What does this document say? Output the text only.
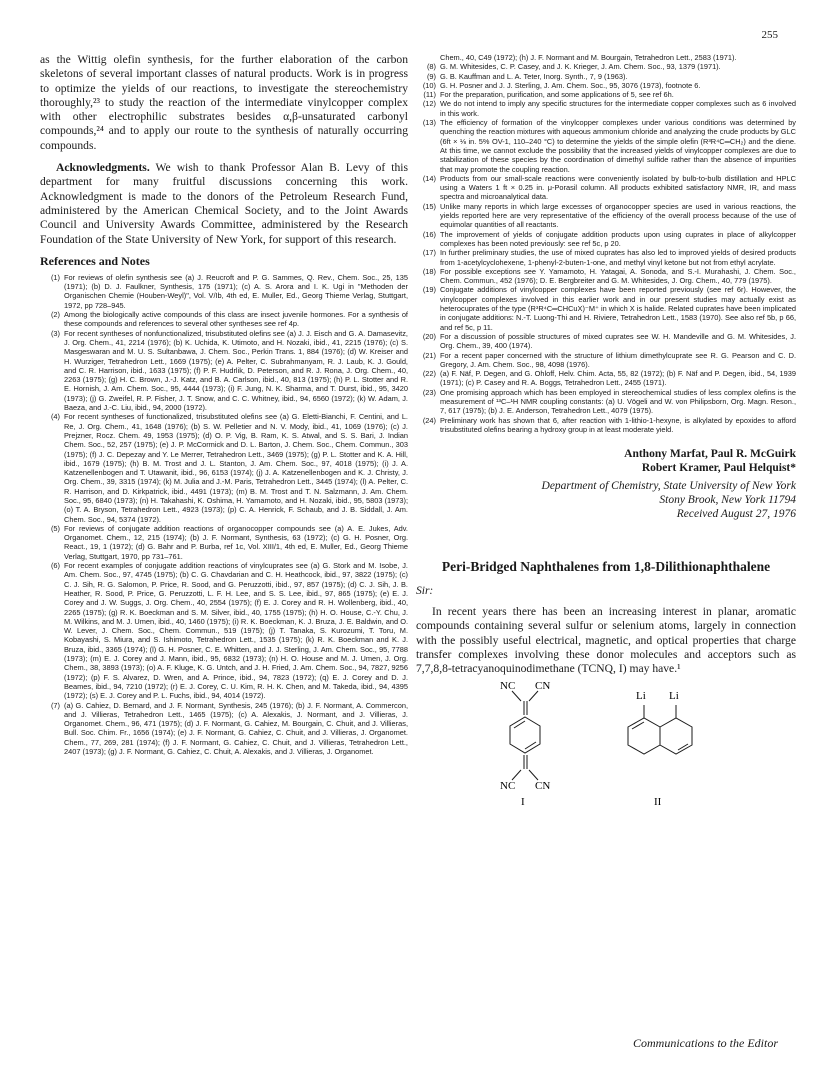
255

as the Wittig olefin synthesis, for the further elaboration of the carbon skeletons of several important classes of natural products. Work is in progress to optimize the yields of our reactions, to investigate the stereochemistry thoroughly,²³ to study the reaction of the intermediate vinylcopper complex with other electrophilic substrates besides α,β-unsaturated carbonyl compounds,²⁴ and to apply our route to the synthesis of naturally occurring compounds.

Acknowledgments. We wish to thank Professor Alan B. Levy of this department for many fruitful discussions concerning this work. Acknowledgment is made to the donors of the Petroleum Research Fund, administered by the American Chemical Society, and to the Joint Awards Council and University Awards Committee, administered by the Research Foundation of the State University of New York, for support of this research.

References and Notes
(1) For reviews of olefin synthesis see (a) J. Reucroft and P. G. Sammes, Q. Rev., Chem. Soc., 25, 135 (1971); (b) D. J. Faulkner, Synthesis, 175 (1971); (c) A. S. Arora and I. K. Ugi in "Methoden der Organischen Chemie (Houben-Weyl)", Vol. V/Ib, 4th ed, E. Muller, Ed., Georg Thieme Verlag, Stuttgart, 1972, pp 728–945.
(2) Among the biologically active compounds of this class are insect juvenile hormones. For a synthesis of these compounds and references to several other syntheses see ref 4p.
(3) For recent syntheses of nonfunctionalized, trisubstituted olefins see (a) J. J. Eisch and G. A. Damasevitz, J. Org. Chem., 41, 2214 (1976); (b) K. Uchida, K. Utimoto, and H. Nozaki, ibid., 41, 2215 (1976); (c) S. Masgeswaran and M. U. S. Sultanbawa, J. Chem. Soc., Perkin Trans. 1, 884 (1976); (d) W. Kreiser and H. Wurziger, Tetrahedron Lett., 1669 (1975); (e) A. Pelter, C. Subrahmanyam, R. J. Laub, K. J. Gould, and C. R. Harrison, ibid., 1633 (1975); (f) P. F. Hudrlik, D. Peterson, and R. J. Rona, J. Org. Chem., 40, 2263 (1975); (g) H. C. Brown, J.-J. Katz, and B. A. Carlson, ibid., 40, 813 (1975); (h) P. L. Stotter and R. E. Hornish, J. Am. Chem. Soc., 95, 4444 (1973); (i) F. Jung, N. K. Sharma, and T. Durst, ibid., 95, 3420 (1973); (j) G. Zweifel, R. P. Fisher, J. T. Snow, and C. C. Whitney, ibid., 94, 6560 (1972); (k) W. Adam, J. Baeza, and J.-C. Liu, ibid., 94, 2000 (1972).
(4) For recent syntheses of functionalized, trisubstituted olefins see (a) G. Eletti-Bianchi, F. Centini, and L. Re, J. Org. Chem., 41, 1648 (1976); (b) S. W. Pelletier and N. V. Mody, ibid., 41, 1069 (1976); (c) J. Prejzner, Rocz. Chem. 49, 1953 (1975); (d) O. P. Vig, B. Ram, K. S. Atwal, and S. S. Bari, J. Indian Chem. Soc., 52, 257 (1975); (e) J. P. McCormick and D. L. Barton, J. Chem. Soc., Chem. Commun., 303 (1975); (f) J. C. Depezay and Y. Le Merrer, Tetrahedron Lett., 3469 (1975); (g) P. L. Stotter and K. A. Hill, ibid., 1679 (1975); (h) B. M. Trost and J. L. Stanton, J. Am. Chem. Soc., 97, 4018 (1975); (i) J. A. Katzenellenbogen and T. Utawanit, ibid., 96, 6153 (1974); (j) J. A. Katzenellenbogen and K. J. Christy, J. Org. Chem., 39, 3315 (1974); (k) M. Julia and J.-M. Paris, Tetrahedron Lett., 3445 (1974); (l) A. Pelter, C. R. Harrison, and D. Kirkpatrick, ibid., 4491 (1973); (m) B. M. Trost and T. N. Salzmann, J. Am. Chem. Soc., 95, 6840 (1973); (n) H. Takahashi, K. Oshima, H. Yamamoto, and H. Nozaki, ibid., 95, 5803 (1973); (o) T. A. Bryson, Tetrahedron Lett., 4923 (1973); (p) C. A. Henrick, F. Schaub, and J. B. Siddall, J. Am. Chem. Soc., 94, 5374 (1972).
(5) For reviews of conjugate addition reactions of organocopper compounds see (a) A. E. Jukes, Adv. Organomet. Chem., 12, 215 (1974); (b) J. F. Normant, Synthesis, 63 (1972); (c) G. H. Posner, Org. React., 19, 1 (1972); (d) G. Bahr and P. Burba, ref 1c, Vol. XIII/1, 4th ed, E. Muller, Ed., Georg Thieme Verlag, Stuttgart, 1970, pp 731–761.
(6) For recent examples of conjugate addition reactions of vinylcuprates see (a) G. Stork and M. Isobe, J. Am. Chem. Soc., 97, 4745 (1975); (b) C. G. Chavdarian and C. H. Heathcock, ibid., 97, 3822 (1975); (c) C. J. Sih, R. G. Salomon, P. Price, R. Sood, and G. Peruzzotti, ibid., 97, 857 (1975); (d) C. J. Sih, J. B. Heather, R. Sood, P. Price, G. Peruzzotti, L. F. H. Lee, and S. S. Lee, ibid., 97, 865 (1975); (e) E. J. Corey and J. W. Suggs, J. Org. Chem., 40, 2554 (1975); (f) E. J. Corey and R. H. Wollenberg, ibid., 40, 2265 (1975); (g) R. K. Boeckman and S. M. Silver, ibid., 40, 1755 (1975); (h) H. O. House, C.-Y. Chu, J. M. Wilkins, and M. J. Umen, ibid., 40, 1460 (1975); (i) R. K. Boeckman, K. J. Bruza, J. E. Baldwin, and O. W. Lever, J. Chem. Soc., Chem. Commun., 519 (1975); (j) T. Tanaka, S. Kurozumi, T. Toru, M. Kobayashi, S. Miura, and S. Ishimoto, Tetrahedron Lett., 1535 (1975); (k) R. K. Boeckman and K. J. Bruza, ibid., 3365 (1974); (l) G. H. Posner, C. E. Whitten, and J. J. Sterling, J. Am. Chem. Soc., 95, 7788 (1973); (m) E. J. Corey and J. Mann, ibid., 95, 6832 (1973); (n) H. O. House and M. J. Umen, J. Org. Chem., 38, 3893 (1973); (o) A. F. Kluge, K. G. Untch, and J. H. Fried, J. Am. Chem. Soc., 94, 7827, 9256 (1972); (p) F. S. Alvarez, D. Wren, and A. Prince, ibid., 94, 7823 (1972); (q) E. J. Corey and D. J. Beames, ibid., 94, 7210 (1972); (r) E. J. Corey, C. U. Kim, R. H. K. Chen, and M. Takeda, ibid., 94, 4395 (1972); (s) E. J. Corey and P. L. Fuchs, ibid., 94, 4014 (1972).
(7) (a) G. Cahiez, D. Bernard, and J. F. Normant, Synthesis, 245 (1976); (b) J. F. Normant, A. Commercon, and J. Villieras, Tetrahedron Lett., 1465 (1975); (c) A. Alexakis, J. Normant, and J. Villieras, J. Organomet. Chem., 96, 471 (1975); (d) J. F. Normant, G. Cahiez, M. Bourgain, C. Chuit, and J. Villieras, Bull. Soc. Chim. Fr., 1656 (1974); (e) J. F. Normant, G. Cahiez, C. Chuit, and J. Villieras, J. Organomet. Chem., 77, 269, 281 (1974); (f) J. F. Normant, G. Cahiez, C. Chuit, and J. Villieras, Tetrahedron Lett., 2407 (1973); (g) J. F. Normant, G. Cahiez, C. Chuit, A. Alexakis, and J. Villieras, J. Organomet.
Chem., 40, C49 (1972); (h) J. F. Normant and M. Bourgain, Tetrahedron Lett., 2583 (1971).
(8) G. M. Whitesides, C. P. Casey, and J. K. Krieger, J. Am. Chem. Soc., 93, 1379 (1971).
(9) G. B. Kauffman and L. A. Teter, Inorg. Synth., 7, 9 (1963).
(10) G. H. Posner and J. J. Sterling, J. Am. Chem. Soc., 95, 3076 (1973), footnote 6.
(11) For the preparation, purification, and some applications of 5, see ref 6h.
(12) We do not intend to imply any specific structures for the intermediate copper complexes such as 6 involved in this work.
(13) The efficiency of formation of the vinylcopper complexes under various conditions was determined by quenching the reaction mixtures with aqueous ammonium chloride and analyzing the crude products by GLC (6ft × ⅛ in. 5% OV-1, 110–240 °C) to determine the yields of the simple olefin (R³R⁴C═CH₂) and the diene. At this time, we cannot exclude the possibility that the increased yields of vinylcopper complexes are due to stabilization of these species by the coordination of dimethyl sulfide rather than the absence of impurities that may promote the coupling reaction.
(14) Products from our small-scale reactions were conveniently isolated by bulb-to-bulb distillation and HPLC using a Waters 1 ft × 0.25 in. μ-Porasil column. All products exhibited satisfactory NMR, IR, and mass spectra and microanalytical data.
(15) Unlike many reports in which large excesses of organocopper species are used in various reactions, the yields reported here are very representative of the efficiency of the overall process because of the use of equimolar quantities of all reactants.
(16) The improvement of yields of conjugate addition products upon using cuprates in place of alkylcopper complexes has been noted previously: see ref 5c, p 20.
(17) In further preliminary studies, the use of mixed cuprates has also led to improved yields of desired products from 1-acetylcyclohexene, 1-phenyl-2-buten-1-one, and methyl vinyl ketone but not from ethyl acrylate.
(18) For possible exceptions see Y. Yamamoto, H. Yatagai, A. Sonoda, and S.-I. Murahashi, J. Chem. Soc., Chem. Commun., 452 (1976); D. E. Bergbreiter and G. M. Whitesides, J. Org. Chem., 40, 779 (1975).
(19) Conjugate additions of vinylcopper complexes have been reported previously (see ref 6r). However, the vinylcopper complexes involved in this earlier work and in our present studies may actually exist as heterocuprates of the type (R³R⁴C═CHCuX)⁻M⁺ in which X is halide. Related cuprates have been implicated in conjugate additions: N.-T. Luong-Thi and H. Riviere, Tetrahedron Lett., 1583 (1970). See also ref 5b, p 66, and ref 5c, p 11.
(20) For a discussion of possible structures of mixed cuprates see W. H. Mandeville and G. M. Whitesides, J. Org. Chem., 39, 400 (1974).
(21) For a recent paper concerned with the structure of lithium dimethylcuprate see R. G. Pearson and C. D. Gregory, J. Am. Chem. Soc., 98, 4098 (1976).
(22) (a) F. Näf, P. Degen, and G. Ohloff, Helv. Chim. Acta, 55, 82 (1972); (b) F. Näf and P. Degen, ibid., 54, 1939 (1971); (c) P. Casey and R. A. Boggs, Tetrahedron Lett., 2455 (1971).
(23) One promising approach which has been employed in stereochemical studies of less complex olefins is the measurement of ¹³C–¹H NMR coupling constants: (a) U. Vögeli and W. von Philipsborn, Org. Magn. Reson., 7, 617 (1975); (b) J. E. Anderson, Tetrahedron Lett., 4079 (1975).
(24) Preliminary work has shown that 6, after reaction with 1-lithio-1-hexyne, is alkylated by epoxides to afford trisubstituted olefins bearing a hydroxy group in at least moderate yield.
Anthony Marfat, Paul R. McGuirk
Robert Kramer, Paul Helquist*
Department of Chemistry, State University of New York
Stony Brook, New York 11794
Received August 27, 1976
Peri-Bridged Naphthalenes from 1,8-Dilithionaphthalene
Sir:
In recent years there has been an increasing interest in planar, aromatic compounds containing several sulfur or selenium atoms, largely in connection with the possibly useful electrical, magnetic, and optical properties that charge transfer complexes involving these donor molecules and acceptors such as 7,7,8,8-tetracyanoquinodimethane (TCNQ, I) may have.¹
NC CN
NC CN
I
Li Li
II
Communications to the Editor
